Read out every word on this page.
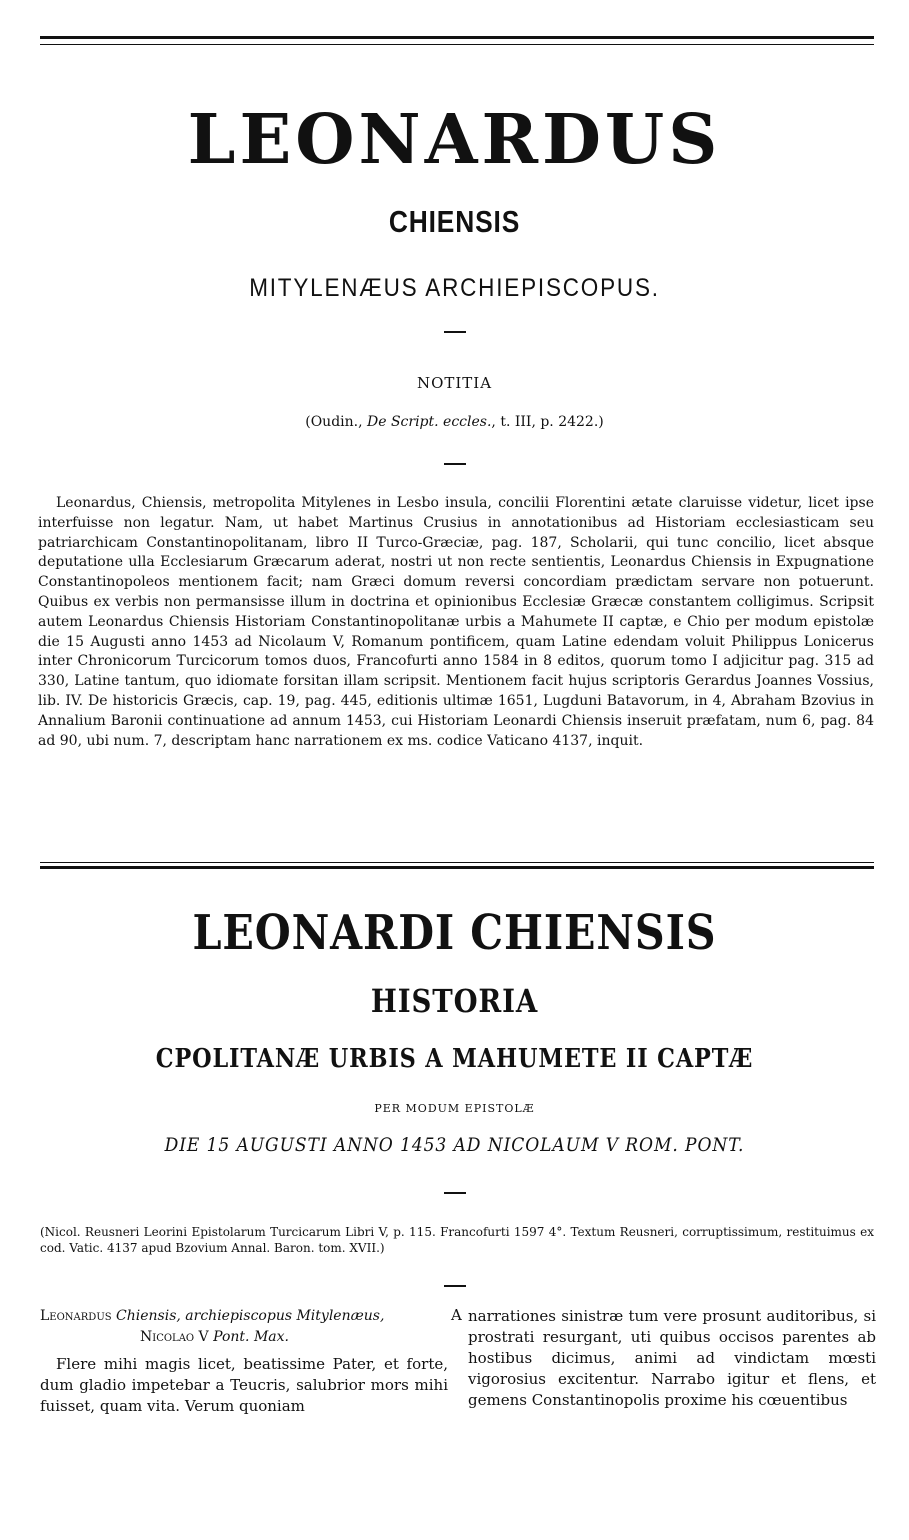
LEONARDUS
CHIENSIS
MITYLENÆUS ARCHIEPISCOPUS.
NOTITIA
(Oudin., De Script. eccles., t. III, p. 2422.)

Leonardus, Chiensis, metropolita Mitylenes in Lesbo insula, concilii Florentini ætate claruisse videtur, licet ipse interfuisse non legatur. Nam, ut habet Martinus Crusius in annotationibus ad Historiam ecclesiasticam seu patriarchicam Constantinopolitanam, libro II Turco-Græciæ, pag. 187, Scholarii, qui tunc concilio, licet absque deputatione ulla Ecclesiarum Græcarum aderat, nostri ut non recte sentientis, Leonardus Chiensis in Expugnatione Constantinopoleos mentionem facit; nam Græci domum reversi concordiam prædictam servare non potuerunt. Quibus ex verbis non permansisse illum in doctrina et opinionibus Ecclesiæ Græcæ constantem colligimus. Scripsit autem Leonardus Chiensis Historiam Constantinopolitanæ urbis a Mahumete II captæ, e Chio per modum epistolæ die 15 Augusti anno 1453 ad Nicolaum V, Romanum pontificem, quam Latine edendam voluit Philippus Lonicerus inter Chronicorum Turcicorum tomos duos, Francofurti anno 1584 in 8 editos, quorum tomo I adjicitur pag. 315 ad 330, Latine tantum, quo idiomate forsitan illam scripsit. Mentionem facit hujus scriptoris Gerardus Joannes Vossius, lib. IV. De historicis Græcis, cap. 19, pag. 445, editionis ultimæ 1651, Lugduni Batavorum, in 4, Abraham Bzovius in Annalium Baronii continuatione ad annum 1453, cui Historiam Leonardi Chiensis inseruit præfatam, num 6, pag. 84 ad 90, ubi num. 7, descriptam hanc narrationem ex ms. codice Vaticano 4137, inquit.

LEONARDI CHIENSIS
HISTORIA
CPOLITANÆ URBIS A MAHUMETE II CAPTÆ
PER MODUM EPISTOLÆ
DIE 15 AUGUSTI ANNO 1453 AD NICOLAUM V ROM. PONT.
(Nicol. Reusneri Leorini Epistolarum Turcicarum Libri V, p. 115. Francofurti 1597 4°. Textum Reusneri, corruptissimum, restituimus ex cod. Vatic. 4137 apud Bzovium Annal. Baron. tom. XVII.)
Leonardus Chiensis, archiepiscopus Mitylenæus,
Nicolao V Pont. Max.

Flere mihi magis licet, beatissime Pater, et forte, dum gladio impetebar a Teucris, salubrior mors mihi fuisset, quam vita. Verum quoniam

A narrationes sinistræ tum vere prosunt auditoribus, si prostrati resurgant, uti quibus occisos parentes ab hostibus dicimus, animi ad vindictam mœsti vigorosius excitentur. Narrabo igitur et flens, et gemens Constantinopolis proxime his cœuentibus
